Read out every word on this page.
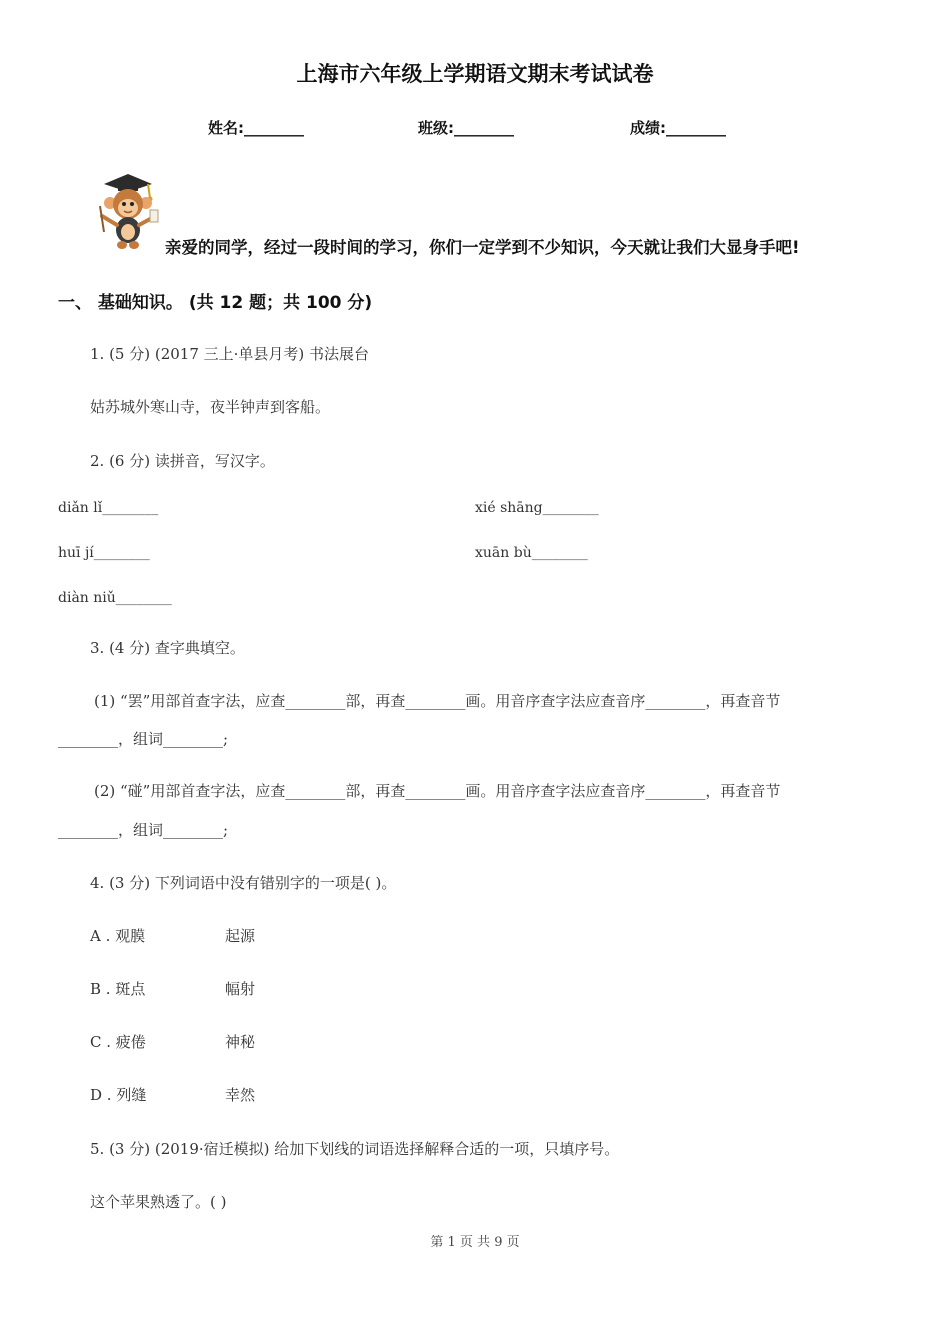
上海市六年级上学期语文期末考试试卷
姓名:________	班级:________	成绩:________
亲爱的同学，经过一段时间的学习，你们一定学到不少知识，今天就让我们大显身手吧!
一、 基础知识。 (共 12 题；共 100 分)
1. (5 分) (2017 三上·单县月考) 书法展台
姑苏城外寒山寺，夜半钟声到客船。
2. (6 分) 读拼音，写汉字。
diǎn lǐ________	xié shāng________
huī jí________	xuān bù________
diàn niǔ________
3. (4 分) 查字典填空。
(1) “罢”用部首查字法，应查________部，再查________画。用音序查字法应查音序________，再查音节
________，组词________;
(2) “碰”用部首查字法，应查________部，再查________画。用音序查字法应查音序________，再查音节
________，组词________;
4. (3 分) 下列词语中没有错别字的一项是( )。
A . 观膜	起源
B . 斑点	幅射
C . 疲倦	神秘
D . 列缝	幸然
5. (3 分) (2019·宿迁模拟) 给加下划线的词语选择解释合适的一项，只填序号。
这个苹果熟透了。( )
第 1 页 共 9 页
